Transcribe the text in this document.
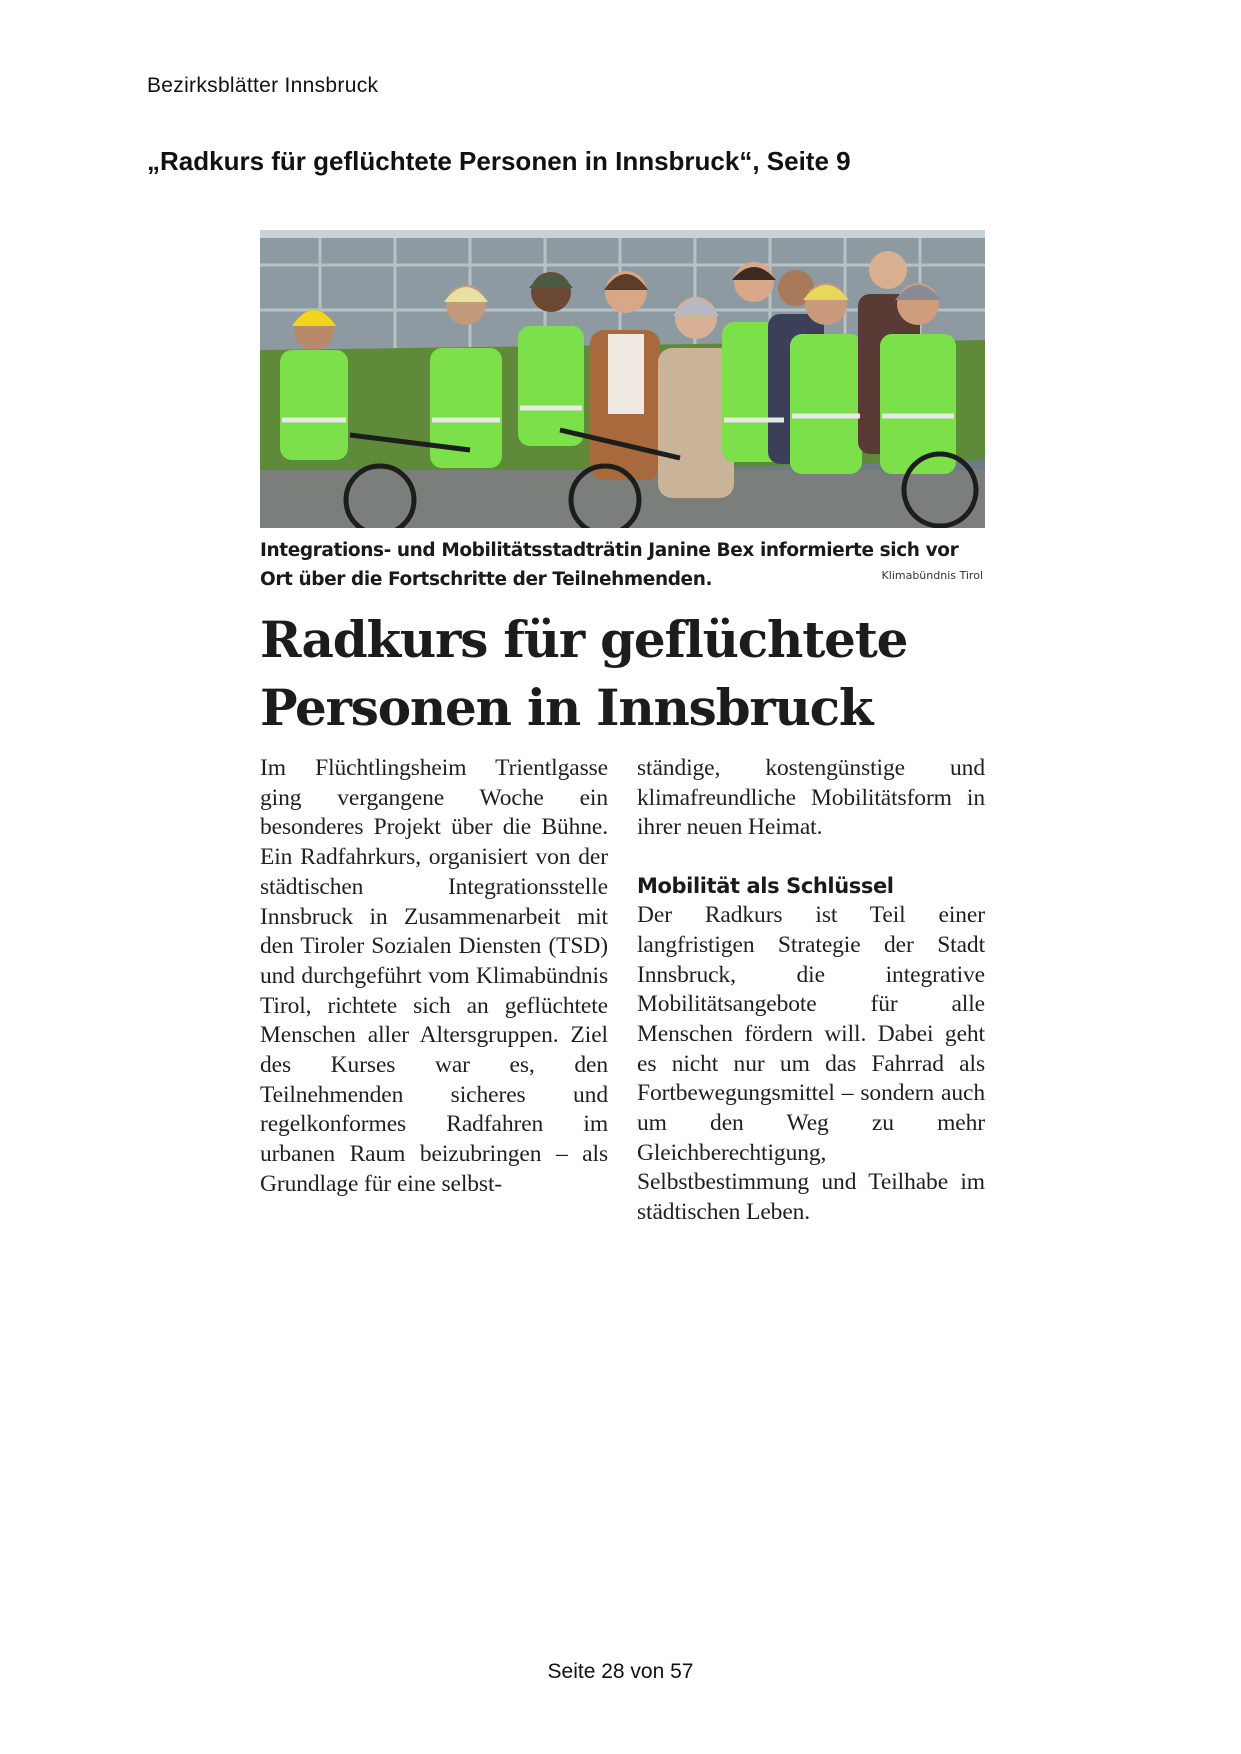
Bezirksblätter Innsbruck
„Radkurs für geflüchtete Personen in Innsbruck“, Seite 9
Integrations- und Mobilitätsstadträtin Janine Bex informierte sich vor Ort über die Fortschritte der Teilnehmenden.	Klimabündnis Tirol
Radkurs für geflüchtete Personen in Innsbruck

Im Flüchtlingsheim Trientlgasse ging vergangene Woche ein besonderes Projekt über die Bühne. Ein Radfahrkurs, organisiert von der städtischen Integrationsstelle Innsbruck in Zusammenarbeit mit den Tiroler Sozialen Diensten (TSD) und durchgeführt vom Klimabündnis Tirol, richtete sich an geflüchtete Menschen aller Altersgruppen. Ziel des Kurses war es, den Teilnehmenden sicheres und regelkonformes Radfahren im urbanen Raum beizubringen – als Grundlage für eine selbst-

ständige, kostengünstige und klimafreundliche Mobilitätsform in ihrer neuen Heimat.

Mobilität als Schlüssel

Der Radkurs ist Teil einer langfristigen Strategie der Stadt Innsbruck, die integrative Mobilitätsangebote für alle Menschen fördern will. Dabei geht es nicht nur um das Fahrrad als Fortbewegungsmittel – sondern auch um den Weg zu mehr Gleichberechtigung, Selbstbestimmung und Teilhabe im städtischen Leben.

Seite 28 von 57
